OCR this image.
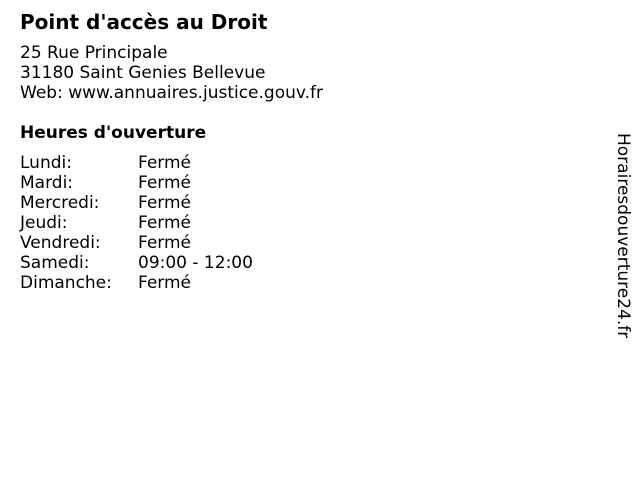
Point d'accès au Droit
25 Rue Principale
31180 Saint Genies Bellevue
Web: www.annuaires.justice.gouv.fr
Heures d'ouverture
Lundi:	Fermé
Mardi:	Fermé
Mercredi:	Fermé
Jeudi:	Fermé
Vendredi:	Fermé
Samedi:	09:00 - 12:00
Dimanche:	Fermé	Horairesdouverture24.fr
